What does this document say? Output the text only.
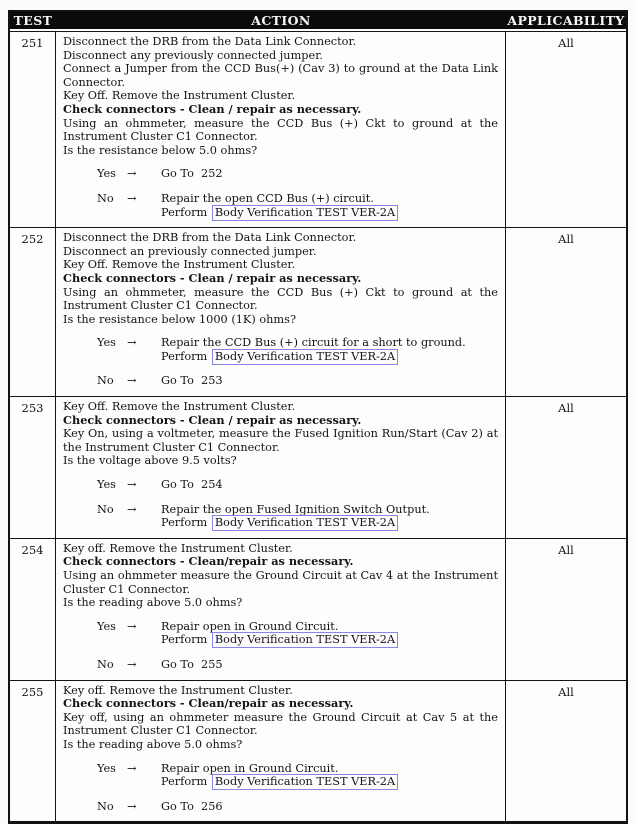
TEST	ACTION	APPLICABILITY
251	Disconnect the DRB from the Data Link Connector.
Disconnect any previously connected jumper.
Connect a Jumper from the CCD Bus(+) (Cav 3) to ground at the Data Link Connector.
Key Off. Remove the Instrument Cluster.
Check connectors - Clean / repair as necessary.
Using an ohmmeter, measure the CCD Bus (+) Ckt to ground at the Instrument Cluster C1 Connector.
Is the resistance below 5.0 ohms?
Yes →	Go To  252
No	→	Repair the open CCD Bus (+) circuit.
Perform Body Verification TEST VER-2A
All
252	Disconnect the DRB from the Data Link Connector.
Disconnect an previously connected jumper.
Key Off. Remove the Instrument Cluster.
Check connectors - Clean / repair as necessary.
Using an ohmmeter, measure the CCD Bus (+) Ckt to ground at the Instrument Cluster C1 Connector.
Is the resistance below 1000 (1K) ohms?
Yes →	Repair the CCD Bus (+) circuit for a short to ground.
Perform Body Verification TEST VER-2A
No	→	Go To  253
All
253	Key Off. Remove the Instrument Cluster.
Check connectors - Clean / repair as necessary.
Key On, using a voltmeter, measure the Fused Ignition Run/Start (Cav 2) at the Instrument Cluster C1 Connector.
Is the voltage above 9.5 volts?
Yes →	Go To  254
No	→	Repair the open Fused Ignition Switch Output.
Perform Body Verification TEST VER-2A
All
254	Key off. Remove the Instrument Cluster.
Check connectors - Clean/repair as necessary.
Using an ohmmeter measure the Ground Circuit at Cav 4 at the Instrument Cluster C1 Connector.
Is the reading above 5.0 ohms?
Yes →	Repair open in Ground Circuit.
Perform Body Verification TEST VER-2A
No	→	Go To  255
All
255	Key off. Remove the Instrument Cluster.
Check connectors - Clean/repair as necessary.
Key off, using an ohmmeter measure the Ground Circuit at Cav 5 at the Instrument Cluster C1 Connector.
Is the reading above 5.0 ohms?
Yes →	Repair open in Ground Circuit.
Perform Body Verification TEST VER-2A
No	→	Go To  256
All
